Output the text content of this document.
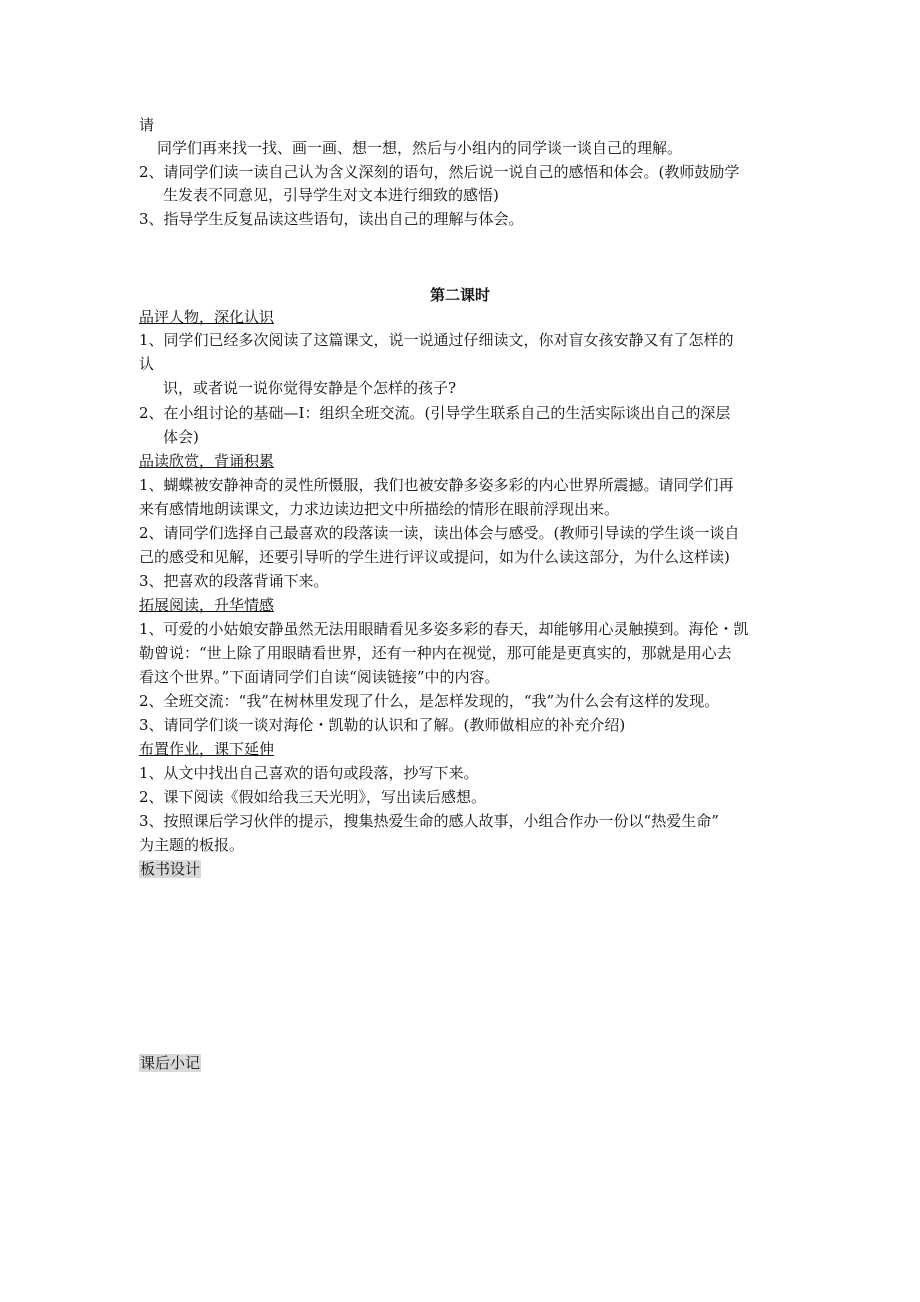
请
同学们再来找一找、画一画、想一想，然后与小组内的同学谈一谈自己的理解。
2、请同学们读一读自己认为含义深刻的语句，然后说一说自己的感悟和体会。(教师鼓励学
生发表不同意见，引导学生对文本进行细致的感悟)
3、指导学生反复品读这些语句，读出自己的理解与体会。
第二课时
品评人物，深化认识
1、同学们已经多次阅读了这篇课文，说一说通过仔细读文，你对盲女孩安静又有了怎样的
认
识，或者说一说你觉得安静是个怎样的孩子?
2、在小组讨论的基础—I：组织全班交流。(引导学生联系自己的生活实际谈出自己的深层
体会)
品读欣赏，背诵积累
1、蝴蝶被安静神奇的灵性所慑服，我们也被安静多姿多彩的内心世界所震撼。请同学们再
来有感情地朗读课文，力求边读边把文中所描绘的情形在眼前浮现出来。
2、请同学们选择自己最喜欢的段落读一读，读出体会与感受。(教师引导读的学生谈一谈自
己的感受和见解，还要引导听的学生进行评议或提问，如为什么读这部分，为什么这样读)
3、把喜欢的段落背诵下来。
拓展阅读，升华情感
1、可爱的小姑娘安静虽然无法用眼睛看见多姿多彩的春天，却能够用心灵触摸到。海伦・凯
勒曾说：“世上除了用眼睛看世界，还有一种内在视觉，那可能是更真实的，那就是用心去
看这个世界。”下面请同学们自读“阅读链接”中的内容。
2、全班交流：“我”在树林里发现了什么，是怎样发现的，“我”为什么会有这样的发现。
3、请同学们谈一谈对海伦・凯勒的认识和了解。(教师做相应的补充介绍)
布置作业，课下延伸
1、从文中找出自己喜欢的语句或段落，抄写下来。
2、课下阅读《假如给我三天光明》，写出读后感想。
3、按照课后学习伙伴的提示，搜集热爱生命的感人故事，小组合作办一份以“热爱生命”
为主题的板报。
板书设计
课后小记
